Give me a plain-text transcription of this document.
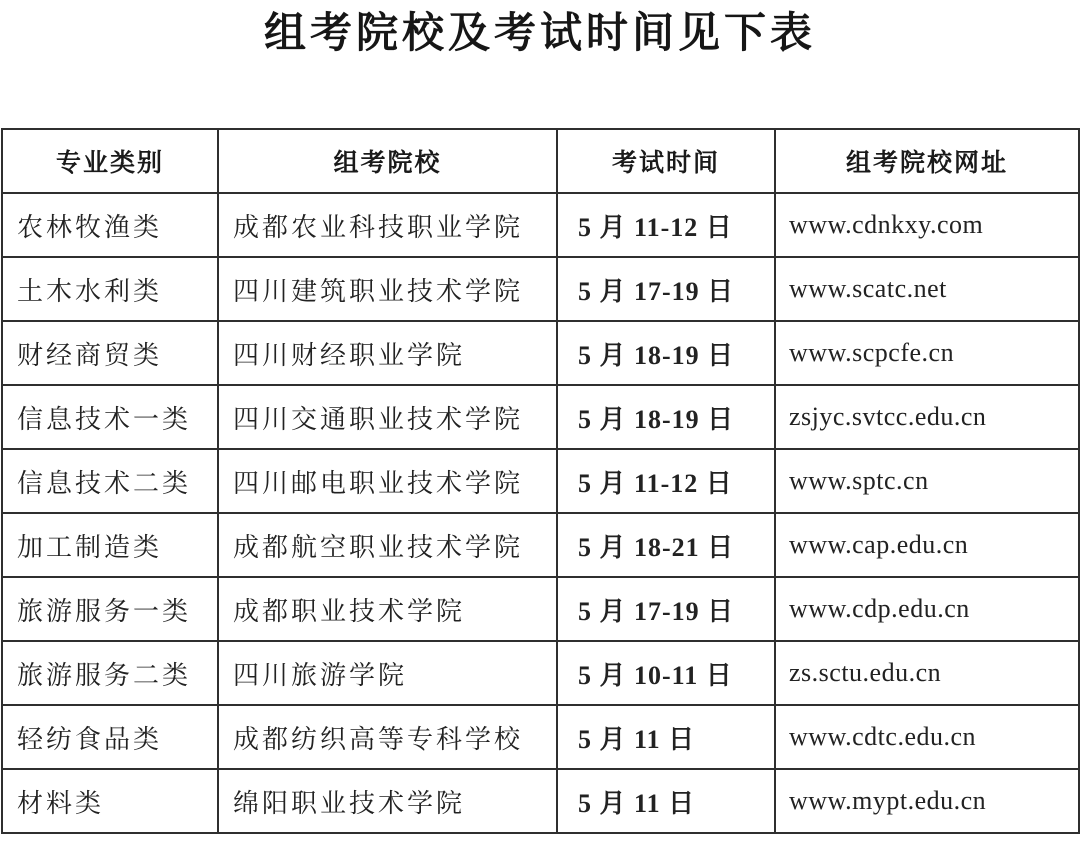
组考院校及考试时间见下表
专业类别	组考院校	考试时间	组考院校网址
农林牧渔类	成都农业科技职业学院	5 月 11-12 日	www.cdnkxy.com
土木水利类	四川建筑职业技术学院	5 月 17-19 日	www.scatc.net
财经商贸类	四川财经职业学院	5 月 18-19 日	www.scpcfe.cn
信息技术一类	四川交通职业技术学院	5 月 18-19 日	zsjyc.svtcc.edu.cn
信息技术二类	四川邮电职业技术学院	5 月 11-12 日	www.sptc.cn
加工制造类	成都航空职业技术学院	5 月 18-21 日	www.cap.edu.cn
旅游服务一类	成都职业技术学院	5 月 17-19 日	www.cdp.edu.cn
旅游服务二类	四川旅游学院	5 月 10-11 日	zs.sctu.edu.cn
轻纺食品类	成都纺织高等专科学校	5 月 11 日	www.cdtc.edu.cn
材料类	绵阳职业技术学院	5 月 11 日	www.mypt.edu.cn
